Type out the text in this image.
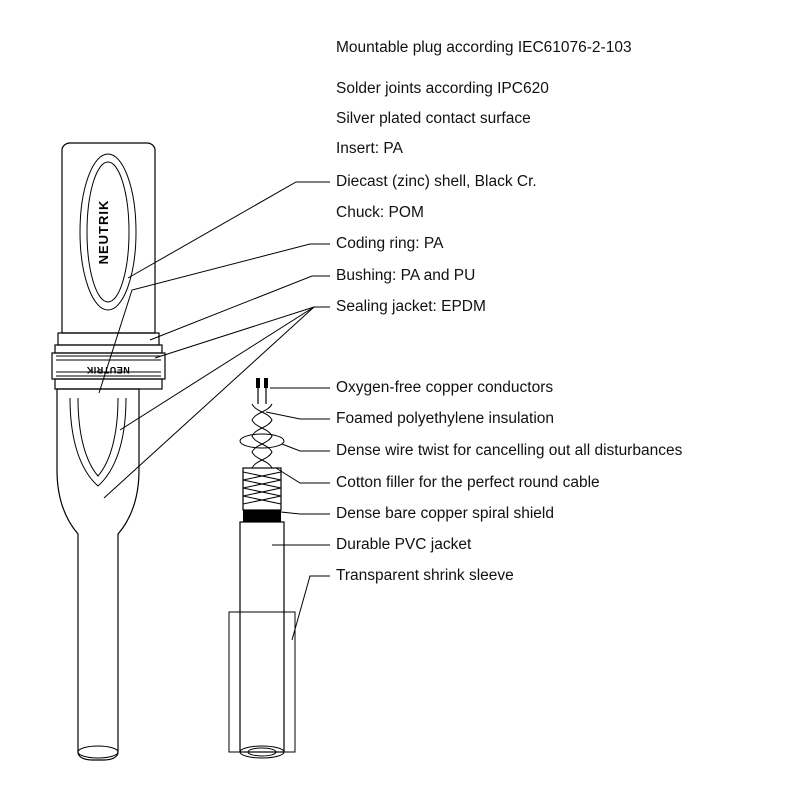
NEUTRIK
NEUTRIK
Mountable plug according IEC61076-2-103
Solder joints according IPC620
Silver plated contact surface
Insert: PA
Diecast (zinc) shell, Black Cr.
Chuck: POM
Coding ring: PA
Bushing: PA and PU
Sealing jacket: EPDM
Oxygen-free copper conductors
Foamed polyethylene insulation
Dense wire twist for cancelling out all disturbances
Cotton filler for the perfect round cable
Dense bare copper spiral shield
Durable PVC jacket
Transparent shrink sleeve
